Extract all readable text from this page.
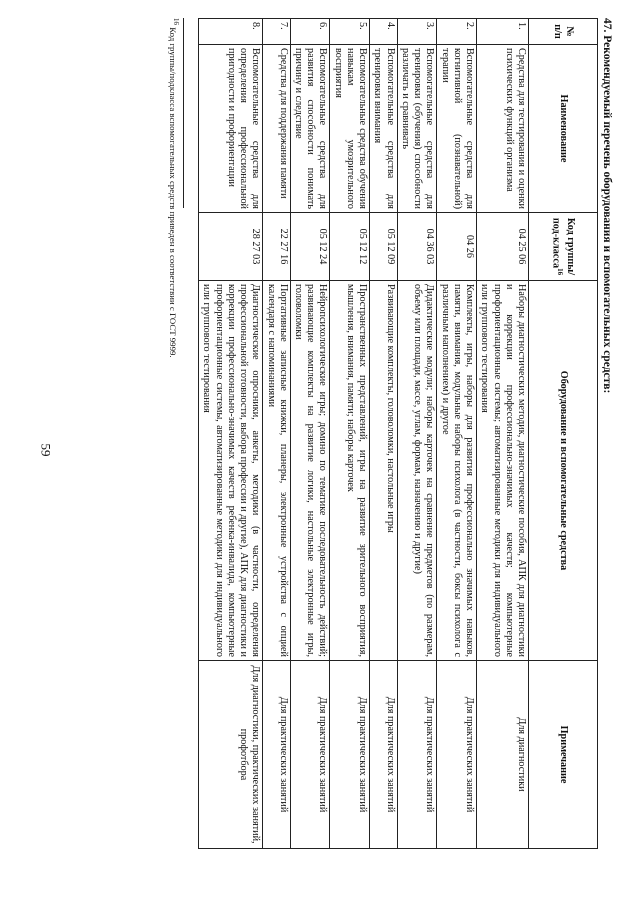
59
47. Рекомендуемый перечень оборудования и вспомогательных средств:
№ п/п	Наименование	Код группы/под-класса$^{16}$	Оборудование и вспомогательные средства	Примечание
1.	Средства для тестирования и оценки психических функций организма	04 25 06	Наборы диагностических методик, диагностические пособия, АПК для диагностики и коррекции профессионально-значимых качеств; компьютерные профориентационные системы; автоматизированные методики для индивидуального или группового тестирования	Для диагностики
2.	Вспомогательные средства для когнитивной (познавательной) терапии	04 26	Комплекты, игры, наборы для развития профессионально значимых навыков, памяти, внимания, модульные наборы психолога (в частности, боксы психолога с различным наполнением) и другое	Для практических занятий
3.	Вспомогательные средства для тренировки (обучения) способности различать и сравнивать	04 36 03	Дидактические модули; наборы карточек на сравнение предметов (по размерам, объему или площади, массе, углам, формам, назначению и другие)	Для практических занятий
4.	Вспомогательные средства для тренировки внимания	05 12 09	Развивающие комплекты, головоломки, настольные игры	Для практических занятий
5.	Вспомогательные средства обучения навыкам умозрительного восприятия	05 12 12	Пространственных представлений, игры на развитие зрительного восприятия, мышления, внимания, памяти; наборы карточек	Для практических занятий
6.	Вспомогательные средства для развития способности понимать причину и следствие	05 12 24	Нейропсихологические игры; домино по тематике последовательность действий; развивающие комплекты на развитие логики, настольные электронные игры, головоломки	Для практических занятий
7.	Средства для поддержания памяти	22 27 16	Портативные записные книжки, планеры, электронные устройства с опцией календаря с напоминаниями	Для практических занятий
8.	Вспомогательные средства для определения профессиональной пригодности и профориентации	28 27 03	Диагностические опросники, анкеты, методики (в частности, определения профессиональной готовности, выбора профессии и другие), АПК для диагностики и коррекции профессионально-значимых качеств ребенка-инвалида, компьютерные профориентационные системы, автоматизированные методики для индивидуального или группового тестирования	Для диагностики, практических занятий, профотбора
$^{16}$ Код группы/подкласса вспомогательных средств приведен в соответствии с ГОСТ 9999.
